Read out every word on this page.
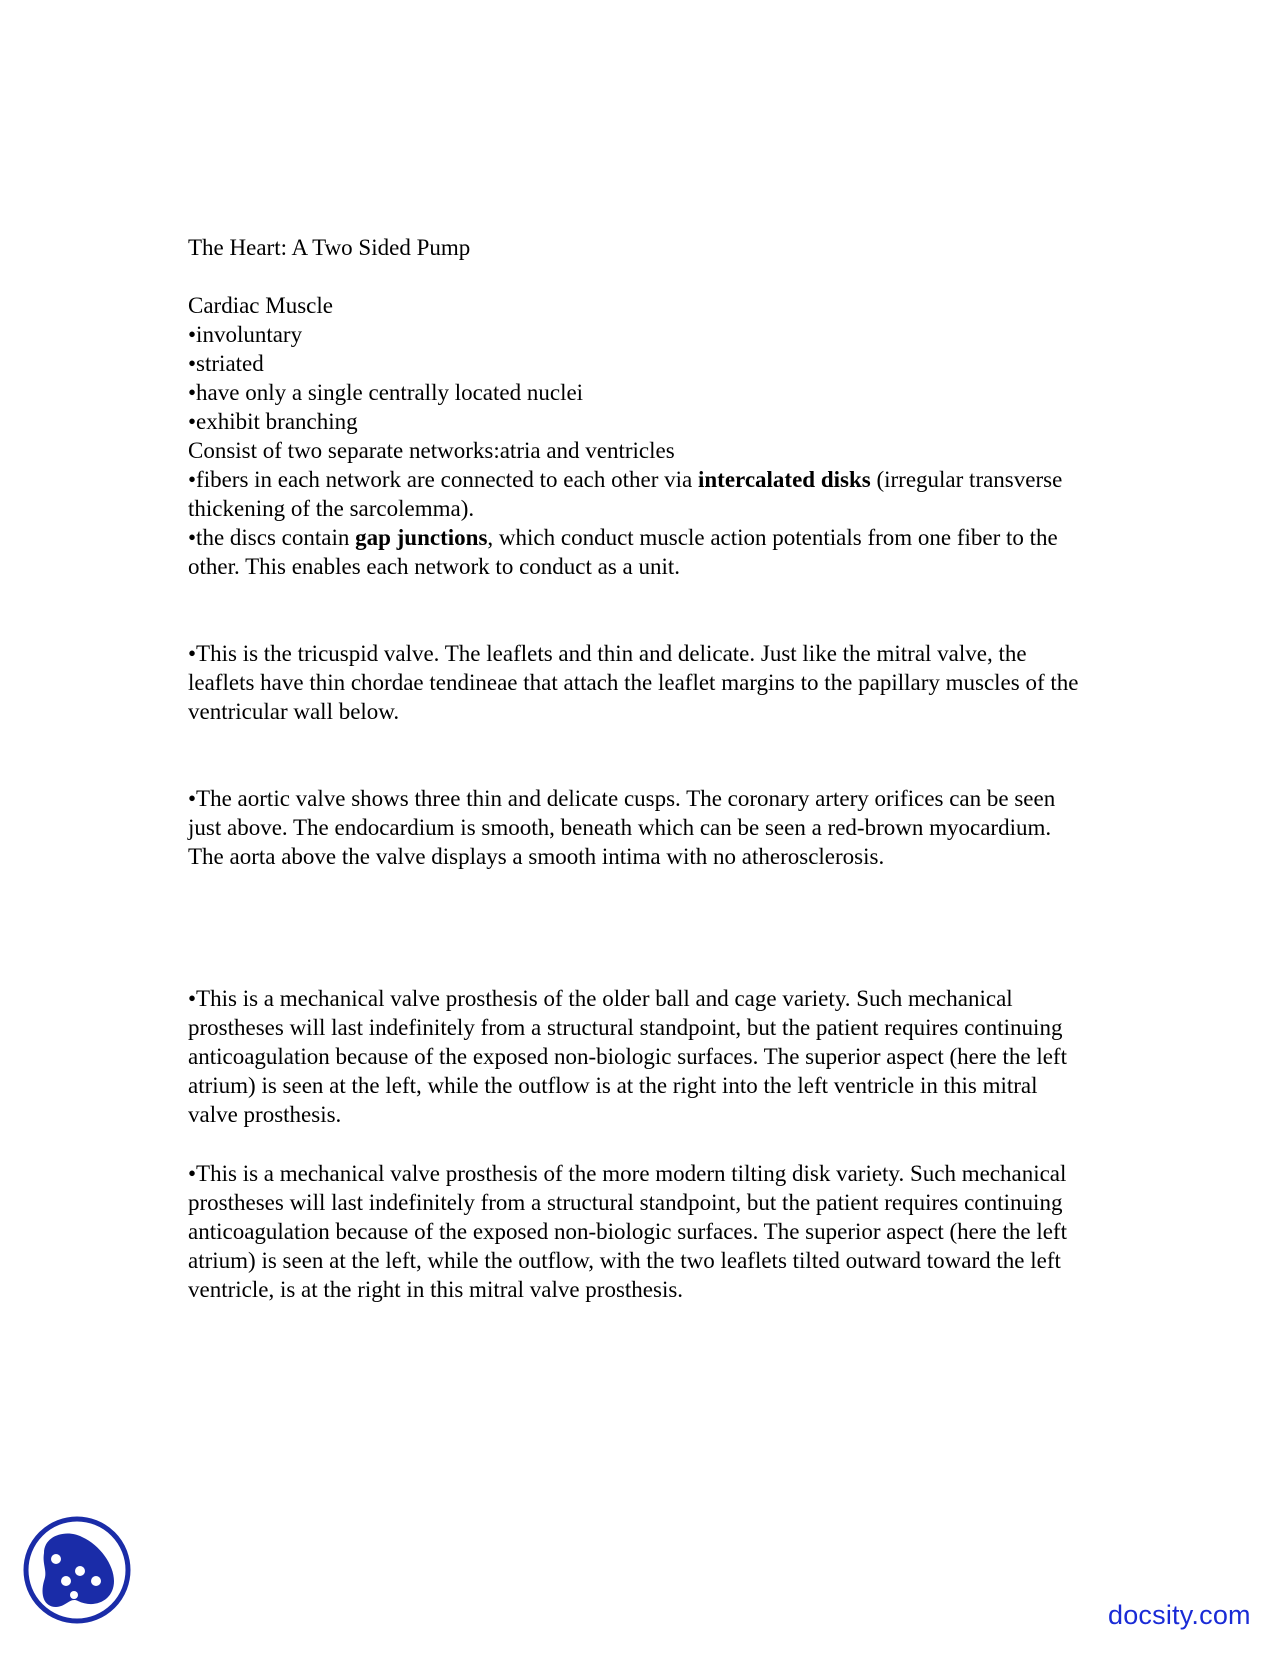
The Heart: A Two Sided Pump

Cardiac Muscle

•involuntary

•striated

•have only a single centrally located nuclei

•exhibit branching

Consist of two separate networks:atria and ventricles

•fibers in each network are connected to each other via intercalated disks (irregular transverse thickening of the sarcolemma).

•the discs contain gap junctions, which conduct muscle action potentials from one fiber to the other. This enables each network to conduct as a unit.

•This is the tricuspid valve. The leaflets and thin and delicate. Just like the mitral valve, the leaflets have thin chordae tendineae that attach the leaflet margins to the papillary muscles of the ventricular wall below.

•The aortic valve shows three thin and delicate cusps. The coronary artery orifices can be seen just above. The endocardium is smooth, beneath which can be seen a red-brown myocardium. The aorta above the valve displays a smooth intima with no atherosclerosis.

•This is a mechanical valve prosthesis of the older ball and cage variety. Such mechanical prostheses will last indefinitely from a structural standpoint, but the patient requires continuing anticoagulation because of the exposed non-biologic surfaces. The superior aspect (here the left atrium) is seen at the left, while the outflow is at the right into the left ventricle in this mitral valve prosthesis.

•This is a mechanical valve prosthesis of the more modern tilting disk variety. Such mechanical prostheses will last indefinitely from a structural standpoint, but the patient requires continuing anticoagulation because of the exposed non-biologic surfaces. The superior aspect (here the left atrium) is seen at the left, while the outflow, with the two leaflets tilted outward toward the left ventricle, is at the right in this mitral valve prosthesis.

docsity.com
